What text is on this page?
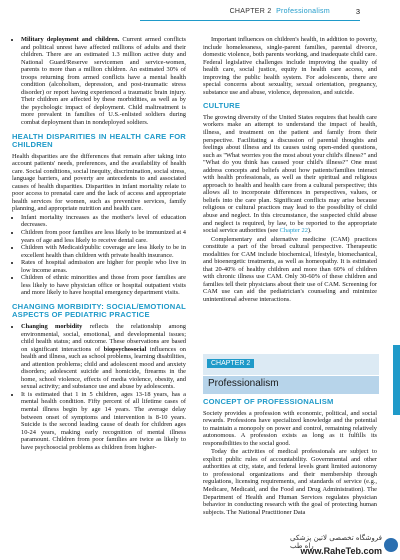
CHAPTER 2 Professionalism	3
• Military deployment and children. Current armed conflicts and political unrest have affected millions of adults and their children. There are an estimated 1.3 million active duty and National Guard/Reserve servicemen and service-women, parents to more than a million children. An estimated 30% of troops returning from armed conflicts have a mental health condition (alcoholism, depression, and post-traumatic stress disorder) or report having experienced a traumatic brain injury. Their children are affected by these morbidities, as well as by the psychologic impact of deployment. Child maltreatment is more prevalent in families of U.S.-enlisted soldiers during combat deployment than in nondeployed soldiers.
HEALTH DISPARITIES IN HEALTH CARE FOR CHILDREN

Health disparities are the differences that remain after taking into account patients' needs, preferences, and the availability of health care. Social conditions, social inequity, discrimination, social stress, language barriers, and poverty are antecedents to and associated causes of health disparities. Disparities in infant mortality relate to poor access to prenatal care and the lack of access and appropriate health services for women, such as preventive services, family planning, and appropriate nutrition and health care.

• Infant mortality increases as the mother's level of education decreases.
• Children from poor families are less likely to be immunized at 4 years of age and less likely to receive dental care.
• Children with Medicaid/public coverage are less likely to be in excellent health than children with private health insurance.
• Rates of hospital admission are higher for people who live in low income areas.
• Children of ethnic minorities and those from poor families are less likely to have physician office or hospital outpatient visits and more likely to have hospital emergency department visits.
CHANGING MORBIDITY: SOCIAL/EMOTIONAL ASPECTS OF PEDIATRIC PRACTICE
• Changing morbidity reflects the relationship among environmental, social, emotional, and developmental issues; child health status; and outcome. These observations are based on significant interactions of biopsychosocial influences on health and illness, such as school problems, learning disabilities, and attention problems; child and adolescent mood and anxiety disorders; adolescent suicide and homicide, firearms in the home, school violence, effects of media violence, obesity, and sexual activity; and substance use and abuse by adolescents.
• It is estimated that 1 in 5 children, ages 13-18 years, has a mental health condition. Fifty percent of all lifetime cases of mental illness begin by age 14 years. The average delay between onset of symptoms and intervention is 8-10 years. Suicide is the second leading cause of death for children ages 10-24 years, making early recognition of mental illness paramount. Children from poor families are twice as likely to have psychosocial problems as children from higher-

Important influences on children's health, in addition to poverty, include homelessness, single-parent families, parental divorce, domestic violence, both parents working, and inadequate child care. Federal legislative challenges include improving the quality of health care, social justice, equity in health care access, and improving the public health system. For adolescents, there are special concerns about sexuality, sexual orientation, pregnancy, substance use and abuse, violence, depression, and suicide.

CULTURE

The growing diversity of the United States requires that health care workers make an attempt to understand the impact of health, illness, and treatment on the patient and family from their perspective. Facilitating a discussion of parental thoughts and feelings about illness and its causes using open-ended questions, such as "What worries you the most about your child's illness?" and "What do you think has caused your child's illness?" One must address concepts and beliefs about how patients/families interact with health professionals, as well as their spiritual and religious approach to health and health care from a cultural perspective; this allows all to incorporate differences in perspectives, values, or beliefs into the care plan. Significant conflicts may arise because religious or cultural practices may lead to the possibility of child abuse and neglect. In this circumstance, the suspected child abuse and neglect is required, by law, to be reported to the appropriate social service authorities (see Chapter 22).

Complementary and alternative medicine (CAM) practices constitute a part of the broad cultural perspective. Therapeutic modalities for CAM include biochemical, lifestyle, biomechanical, and bioenergetic treatments, as well as homeopathy. It is estimated that 20-40% of healthy children and more than 60% of children with chronic illness use CAM. Only 30-60% of these children and families tell their physicians about their use of CAM. Screening for CAM use can aid the pediatrician's counseling and minimize unintentional adverse interactions.

CHAPTER 2
Professionalism
CONCEPT OF PROFESSIONALISM

Society provides a profession with economic, political, and social rewards. Professions have specialized knowledge and the potential to maintain a monopoly on power and control, remaining relatively autonomous. A profession exists as long as it fulfills its responsibilities to the social good.

Today the activities of medical professionals are subject to explicit public rules of accountability. Governmental and other authorities at city, state, and federal levels grant limited autonomy to professional organizations and their membership through regulations, licensing requirements, and standards of service (e.g., Medicare, Medicaid, and the Food and Drug Administration). The Department of Health and Human Services regulates physician behavior in conducting research with the goal of protecting human subjects. The National Practitioner Data

فروشگاه تخصصی لاتین پزشکی راه طب
www.RaheTeb.com
